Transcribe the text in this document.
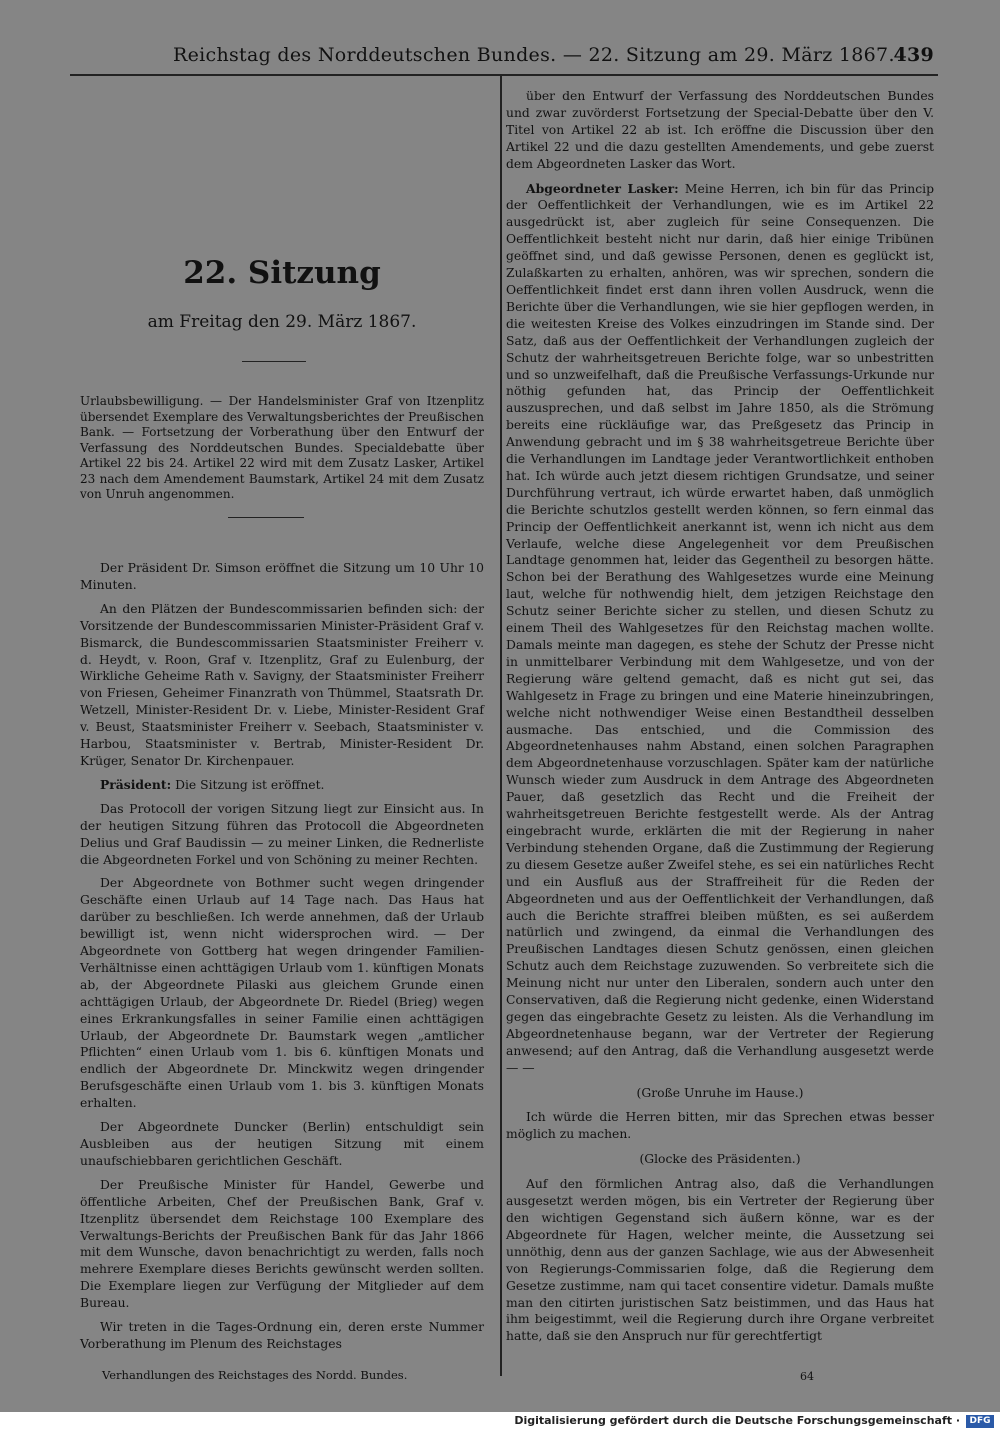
Reichstag des Norddeutschen Bundes. — 22. Sitzung am 29. März 1867.
439
22. Sitzung
am Freitag den 29. März 1867.
Urlaubsbewilligung. — Der Handelsminister Graf von Itzenplitz übersendet Exemplare des Verwaltungsberichtes der Preußischen Bank. — Fortsetzung der Vorberathung über den Entwurf der Verfassung des Norddeutschen Bundes. Specialdebatte über Artikel 22 bis 24. Artikel 22 wird mit dem Zusatz Lasker, Artikel 23 nach dem Amendement Baumstark, Artikel 24 mit dem Zusatz von Unruh angenommen.

Der Präsident Dr. Simson eröffnet die Sitzung um 10 Uhr 10 Minuten.

An den Plätzen der Bundescommissarien befinden sich: der Vorsitzende der Bundescommissarien Minister-Präsident Graf v. Bismarck, die Bundescommissarien Staatsminister Freiherr v. d. Heydt, v. Roon, Graf v. Itzenplitz, Graf zu Eulenburg, der Wirkliche Geheime Rath v. Savigny, der Staatsminister Freiherr von Friesen, Geheimer Finanzrath von Thümmel, Staatsrath Dr. Wetzell, Minister-Resident Dr. v. Liebe, Minister-Resident Graf v. Beust, Staatsminister Freiherr v. Seebach, Staatsminister v. Harbou, Staatsminister v. Bertrab, Minister-Resident Dr. Krüger, Senator Dr. Kirchenpauer.

Präsident: Die Sitzung ist eröffnet.

Das Protocoll der vorigen Sitzung liegt zur Einsicht aus. In der heutigen Sitzung führen das Protocoll die Abgeordneten Delius und Graf Baudissin — zu meiner Linken, die Rednerliste die Abgeordneten Forkel und von Schöning zu meiner Rechten.

Der Abgeordnete von Bothmer sucht wegen dringender Geschäfte einen Urlaub auf 14 Tage nach. Das Haus hat darüber zu beschließen. Ich werde annehmen, daß der Urlaub bewilligt ist, wenn nicht widersprochen wird. — Der Abgeordnete von Gottberg hat wegen dringender Familien-Verhältnisse einen achttägigen Urlaub vom 1. künftigen Monats ab, der Abgeordnete Pilaski aus gleichem Grunde einen achttägigen Urlaub, der Abgeordnete Dr. Riedel (Brieg) wegen eines Erkrankungsfalles in seiner Familie einen achttägigen Urlaub, der Abgeordnete Dr. Baumstark wegen „amtlicher Pflichten“ einen Urlaub vom 1. bis 6. künftigen Monats und endlich der Abgeordnete Dr. Minckwitz wegen dringender Berufsgeschäfte einen Urlaub vom 1. bis 3. künftigen Monats erhalten.

Der Abgeordnete Duncker (Berlin) entschuldigt sein Ausbleiben aus der heutigen Sitzung mit einem unaufschiebbaren gerichtlichen Geschäft.

Der Preußische Minister für Handel, Gewerbe und öffentliche Arbeiten, Chef der Preußischen Bank, Graf v. Itzenplitz übersendet dem Reichstage 100 Exemplare des Verwaltungs-Berichts der Preußischen Bank für das Jahr 1866 mit dem Wunsche, davon benachrichtigt zu werden, falls noch mehrere Exemplare dieses Berichts gewünscht werden sollten. Die Exemplare liegen zur Verfügung der Mitglieder auf dem Bureau.

Wir treten in die Tages-Ordnung ein, deren erste Nummer Vorberathung im Plenum des Reichstages

über den Entwurf der Verfassung des Norddeutschen Bundes und zwar zuvörderst Fortsetzung der Special-Debatte über den V. Titel von Artikel 22 ab ist. Ich eröffne die Discussion über den Artikel 22 und die dazu gestellten Amendements, und gebe zuerst dem Abgeordneten Lasker das Wort.

Abgeordneter Lasker: Meine Herren, ich bin für das Princip der Oeffentlichkeit der Verhandlungen, wie es im Artikel 22 ausgedrückt ist, aber zugleich für seine Consequenzen. Die Oeffentlichkeit besteht nicht nur darin, daß hier einige Tribünen geöffnet sind, und daß gewisse Personen, denen es geglückt ist, Zulaßkarten zu erhalten, anhören, was wir sprechen, sondern die Oeffentlichkeit findet erst dann ihren vollen Ausdruck, wenn die Berichte über die Verhandlungen, wie sie hier gepflogen werden, in die weitesten Kreise des Volkes einzudringen im Stande sind. Der Satz, daß aus der Oeffentlichkeit der Verhandlungen zugleich der Schutz der wahrheitsgetreuen Berichte folge, war so unbestritten und so unzweifelhaft, daß die Preußische Verfassungs-Urkunde nur nöthig gefunden hat, das Princip der Oeffentlichkeit auszusprechen, und daß selbst im Jahre 1850, als die Strömung bereits eine rückläufige war, das Preßgesetz das Princip in Anwendung gebracht und im § 38 wahrheitsgetreue Berichte über die Verhandlungen im Landtage jeder Verantwortlichkeit enthoben hat. Ich würde auch jetzt diesem richtigen Grundsatze, und seiner Durchführung vertraut, ich würde erwartet haben, daß unmöglich die Berichte schutzlos gestellt werden können, so fern einmal das Princip der Oeffentlichkeit anerkannt ist, wenn ich nicht aus dem Verlaufe, welche diese Angelegenheit vor dem Preußischen Landtage genommen hat, leider das Gegentheil zu besorgen hätte. Schon bei der Berathung des Wahlgesetzes wurde eine Meinung laut, welche für nothwendig hielt, dem jetzigen Reichstage den Schutz seiner Berichte sicher zu stellen, und diesen Schutz zu einem Theil des Wahlgesetzes für den Reichstag machen wollte. Damals meinte man dagegen, es stehe der Schutz der Presse nicht in unmittelbarer Verbindung mit dem Wahlgesetze, und von der Regierung wäre geltend gemacht, daß es nicht gut sei, das Wahlgesetz in Frage zu bringen und eine Materie hineinzubringen, welche nicht nothwendiger Weise einen Bestandtheil desselben ausmache. Das entschied, und die Commission des Abgeordnetenhauses nahm Abstand, einen solchen Paragraphen dem Abgeordnetenhause vorzuschlagen. Später kam der natürliche Wunsch wieder zum Ausdruck in dem Antrage des Abgeordneten Pauer, daß gesetzlich das Recht und die Freiheit der wahrheitsgetreuen Berichte festgestellt werde. Als der Antrag eingebracht wurde, erklärten die mit der Regierung in naher Verbindung stehenden Organe, daß die Zustimmung der Regierung zu diesem Gesetze außer Zweifel stehe, es sei ein natürliches Recht und ein Ausfluß aus der Straffreiheit für die Reden der Abgeordneten und aus der Oeffentlichkeit der Verhandlungen, daß auch die Berichte straffrei bleiben müßten, es sei außerdem natürlich und zwingend, da einmal die Verhandlungen des Preußischen Landtages diesen Schutz genössen, einen gleichen Schutz auch dem Reichstage zuzuwenden. So verbreitete sich die Meinung nicht nur unter den Liberalen, sondern auch unter den Conservativen, daß die Regierung nicht gedenke, einen Widerstand gegen das eingebrachte Gesetz zu leisten. Als die Verhandlung im Abgeordnetenhause begann, war der Vertreter der Regierung anwesend; auf den Antrag, daß die Verhandlung ausgesetzt werde — —

(Große Unruhe im Hause.)

Ich würde die Herren bitten, mir das Sprechen etwas besser möglich zu machen.

(Glocke des Präsidenten.)

Auf den förmlichen Antrag also, daß die Verhandlungen ausgesetzt werden mögen, bis ein Vertreter der Regierung über den wichtigen Gegenstand sich äußern könne, war es der Abgeordnete für Hagen, welcher meinte, die Aussetzung sei unnöthig, denn aus der ganzen Sachlage, wie aus der Abwesenheit von Regierungs-Commissarien folge, daß die Regierung dem Gesetze zustimme, nam qui tacet consentire videtur. Damals mußte man den citirten juristischen Satz beistimmen, und das Haus hat ihm beigestimmt, weil die Regierung durch ihre Organe verbreitet hatte, daß sie den Anspruch nur für gerechtfertigt

Verhandlungen des Reichstages des Nordd. Bundes.	64
Digitalisierung gefördert durch die Deutsche Forschungsgemeinschaft ·	DFG
